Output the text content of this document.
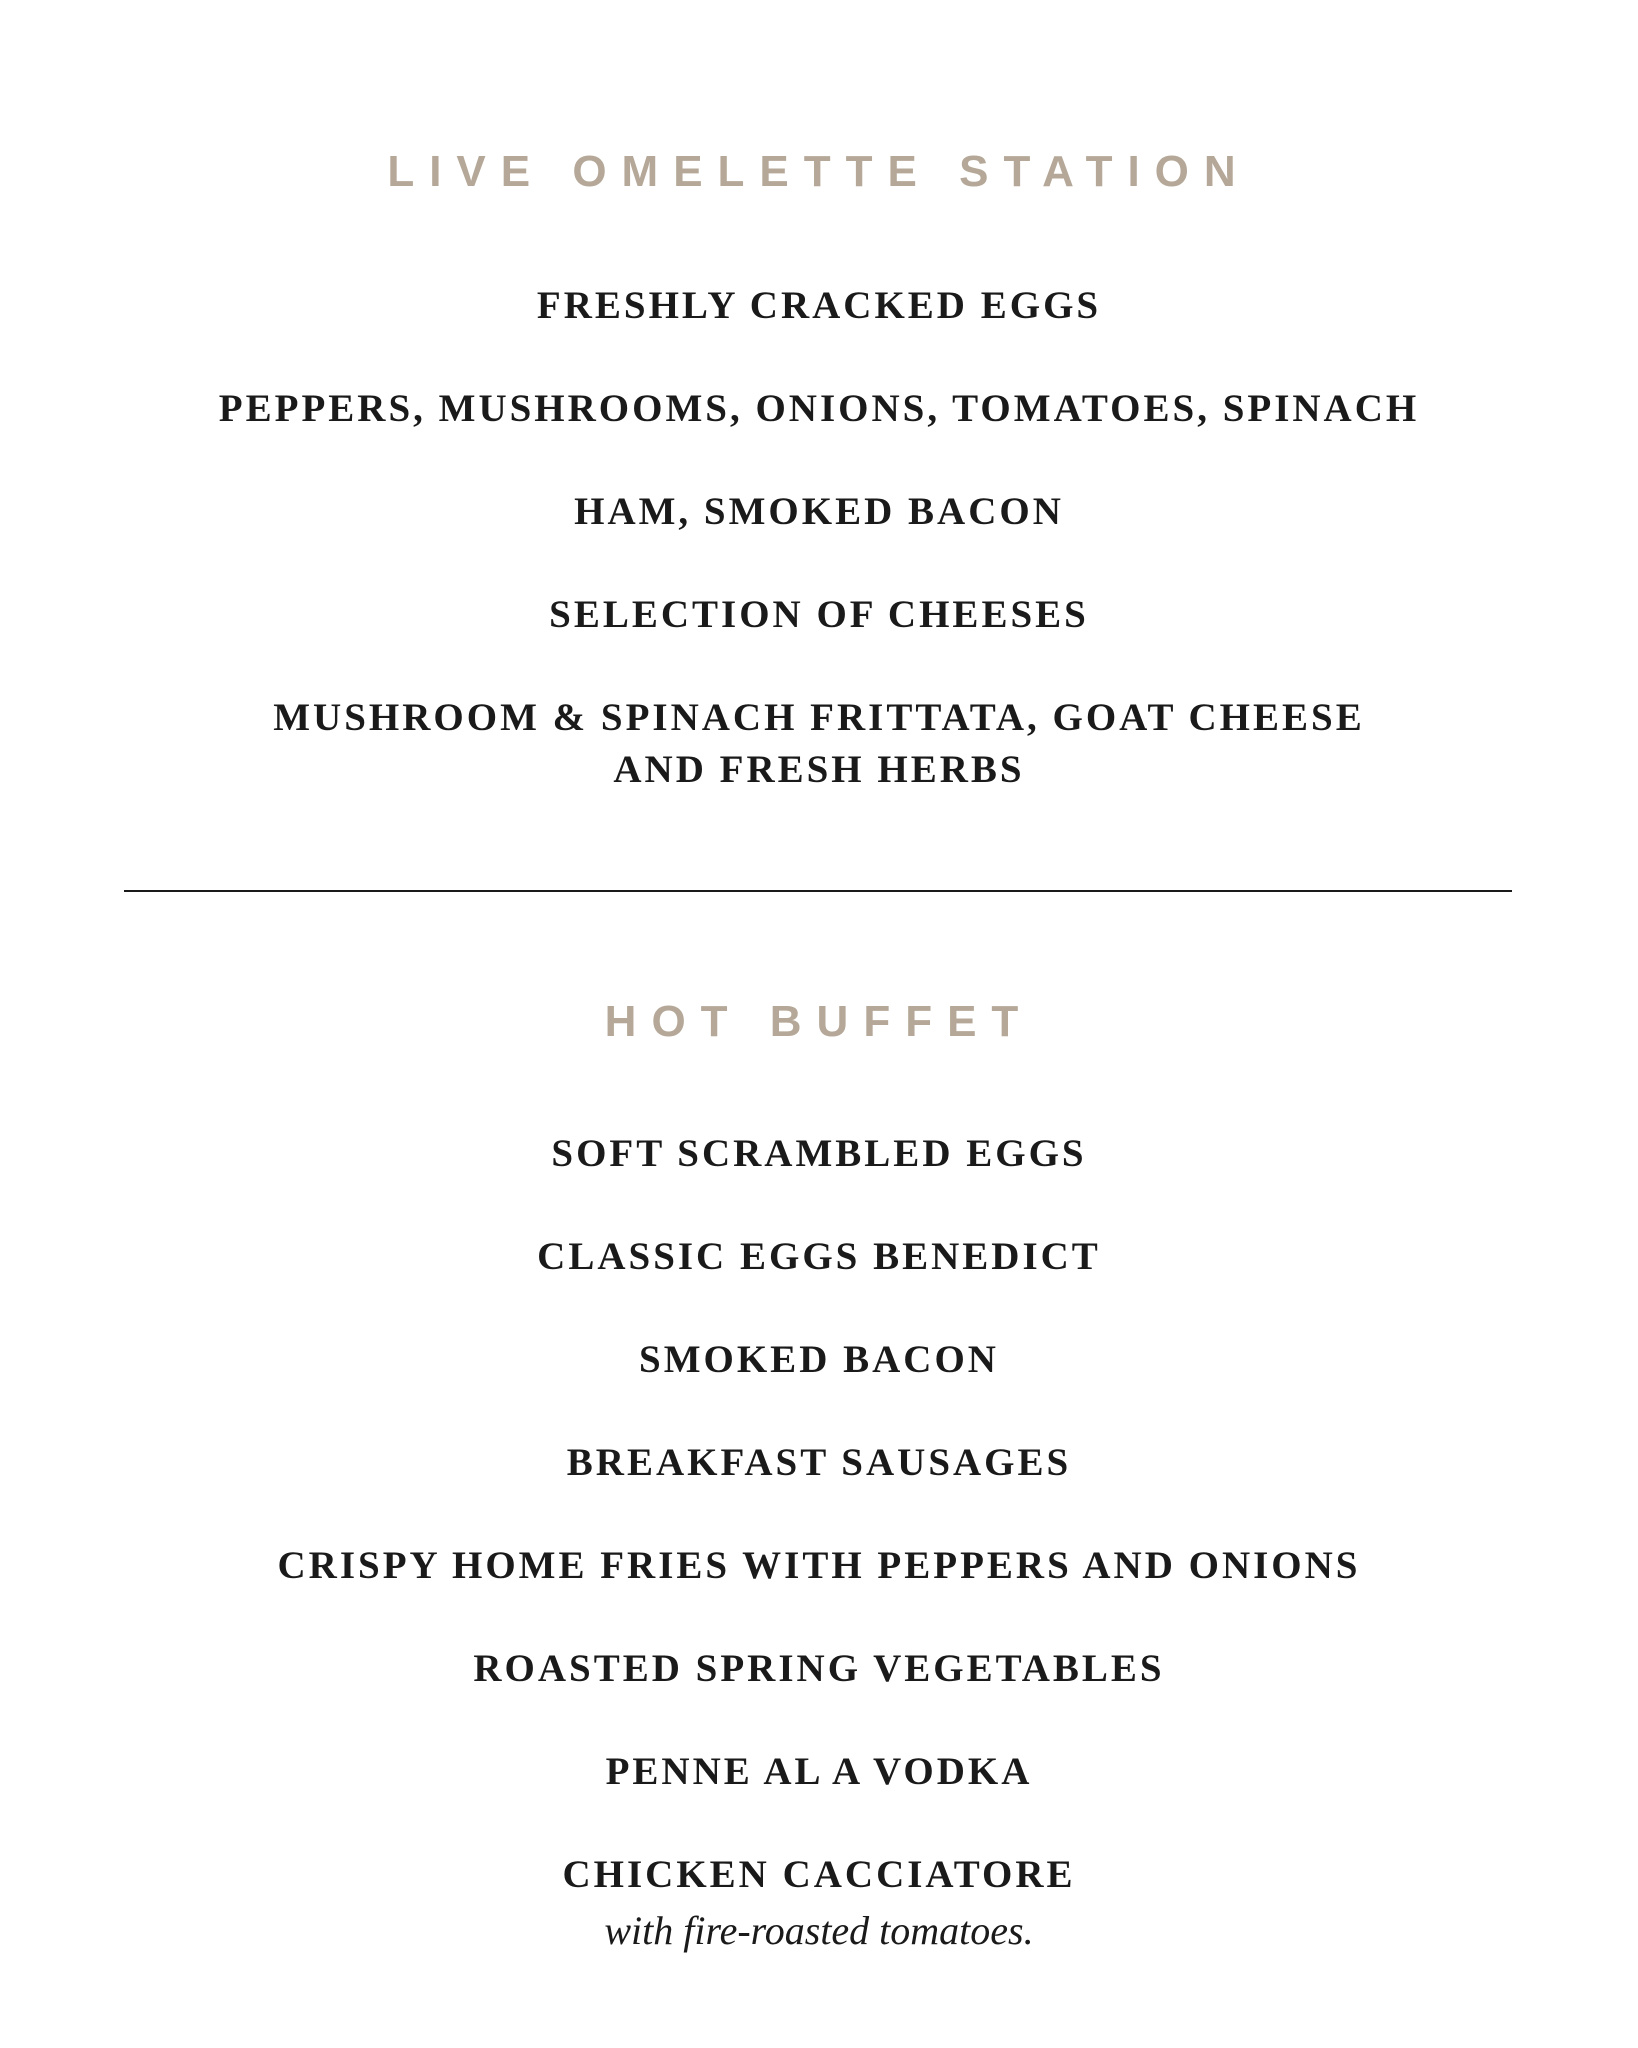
LIVE OMELETTE STATION
FRESHLY CRACKED EGGS
PEPPERS, MUSHROOMS, ONIONS, TOMATOES, SPINACH
HAM, SMOKED BACON
SELECTION OF CHEESES
MUSHROOM & SPINACH FRITTATA, GOAT CHEESE
AND FRESH HERBS
HOT BUFFET
SOFT SCRAMBLED EGGS
CLASSIC EGGS BENEDICT
SMOKED BACON
BREAKFAST SAUSAGES
CRISPY HOME FRIES WITH PEPPERS AND ONIONS
ROASTED SPRING VEGETABLES
PENNE AL A VODKA
CHICKEN CACCIATORE
with fire-roasted tomatoes.
